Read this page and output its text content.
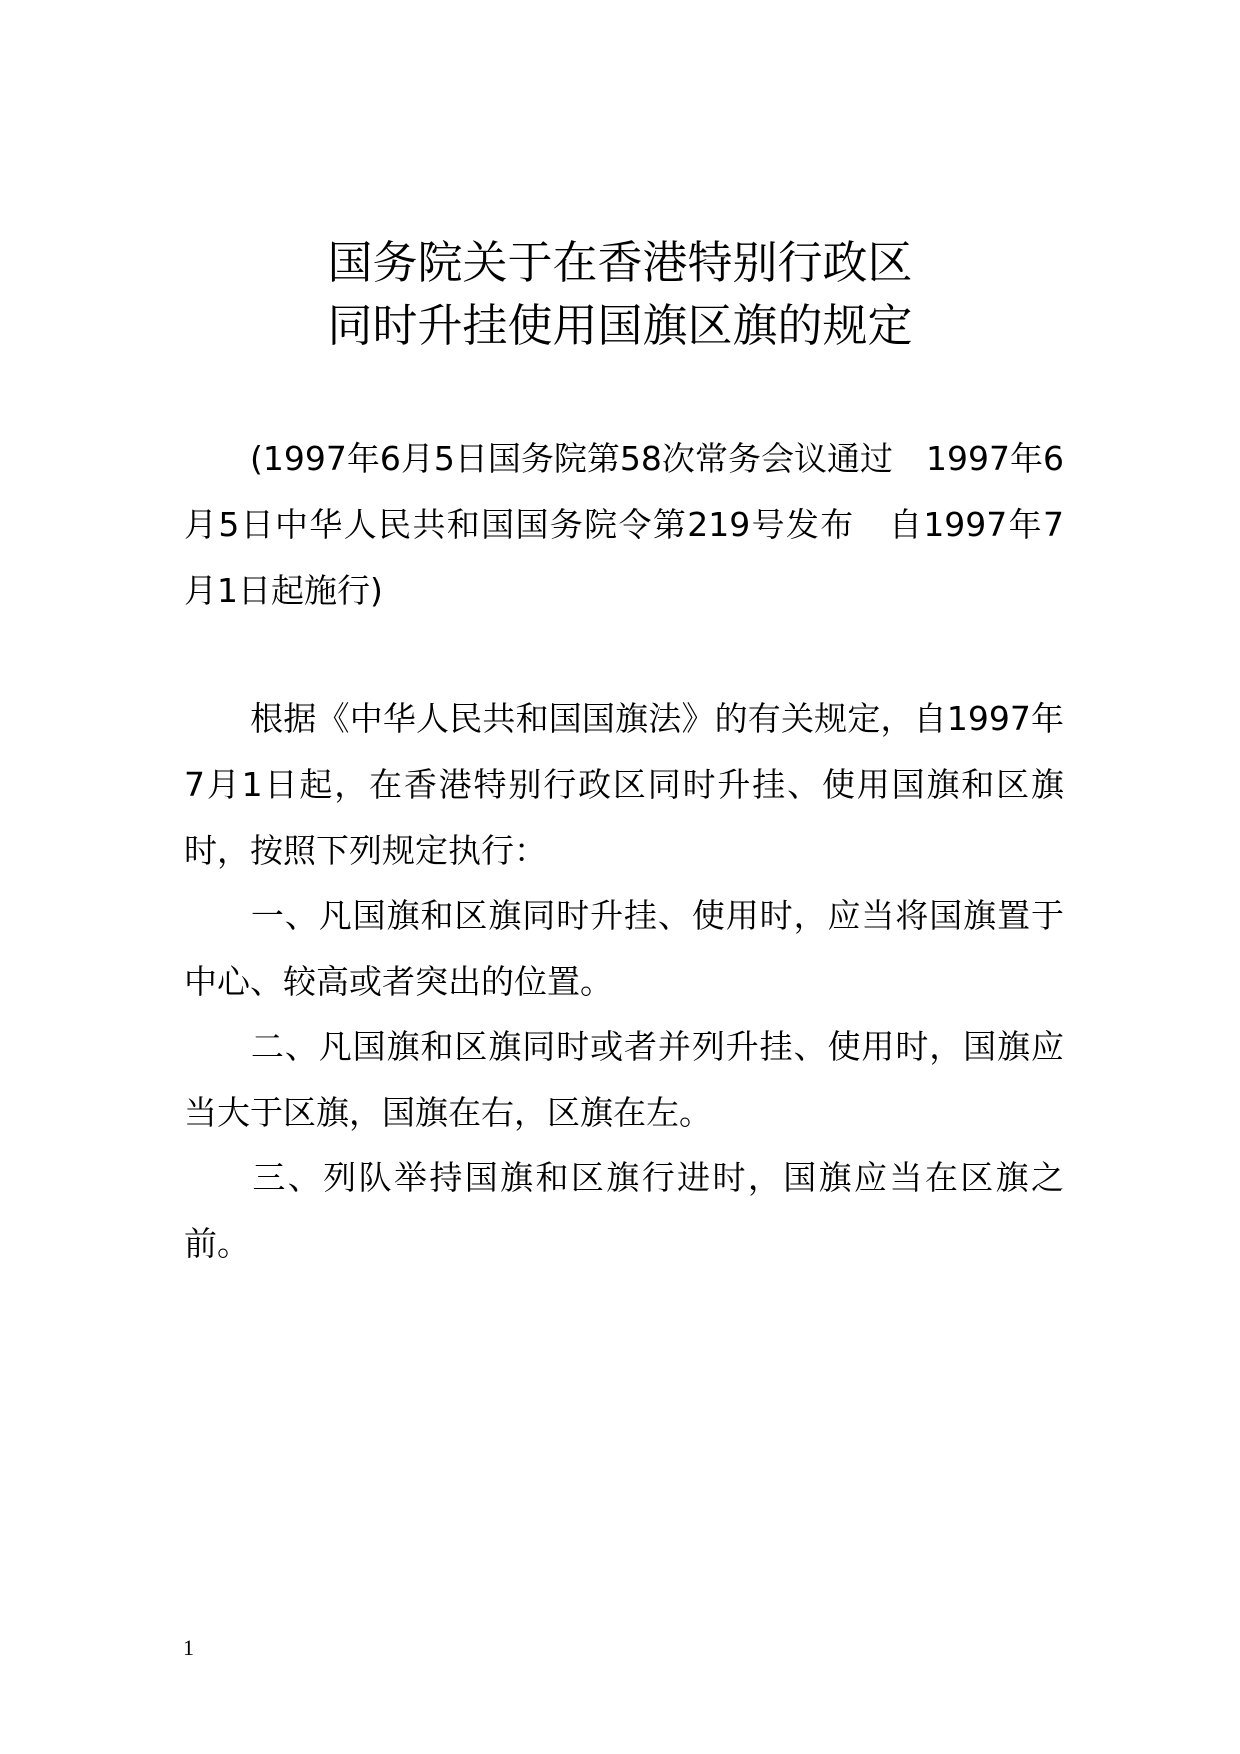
国务院关于在香港特别行政区
同时升挂使用国旗区旗的规定
(1997年6月5日国务院第58次常务会议通过　1997年6月5日中华人民共和国国务院令第219号发布　自1997年7月1日起施行)
根据《中华人民共和国国旗法》的有关规定，自1997年7月1日起，在香港特别行政区同时升挂、使用国旗和区旗时，按照下列规定执行：
一、凡国旗和区旗同时升挂、使用时，应当将国旗置于中心、较高或者突出的位置。
二、凡国旗和区旗同时或者并列升挂、使用时，国旗应当大于区旗，国旗在右，区旗在左。
三、列队举持国旗和区旗行进时，国旗应当在区旗之前。
1
